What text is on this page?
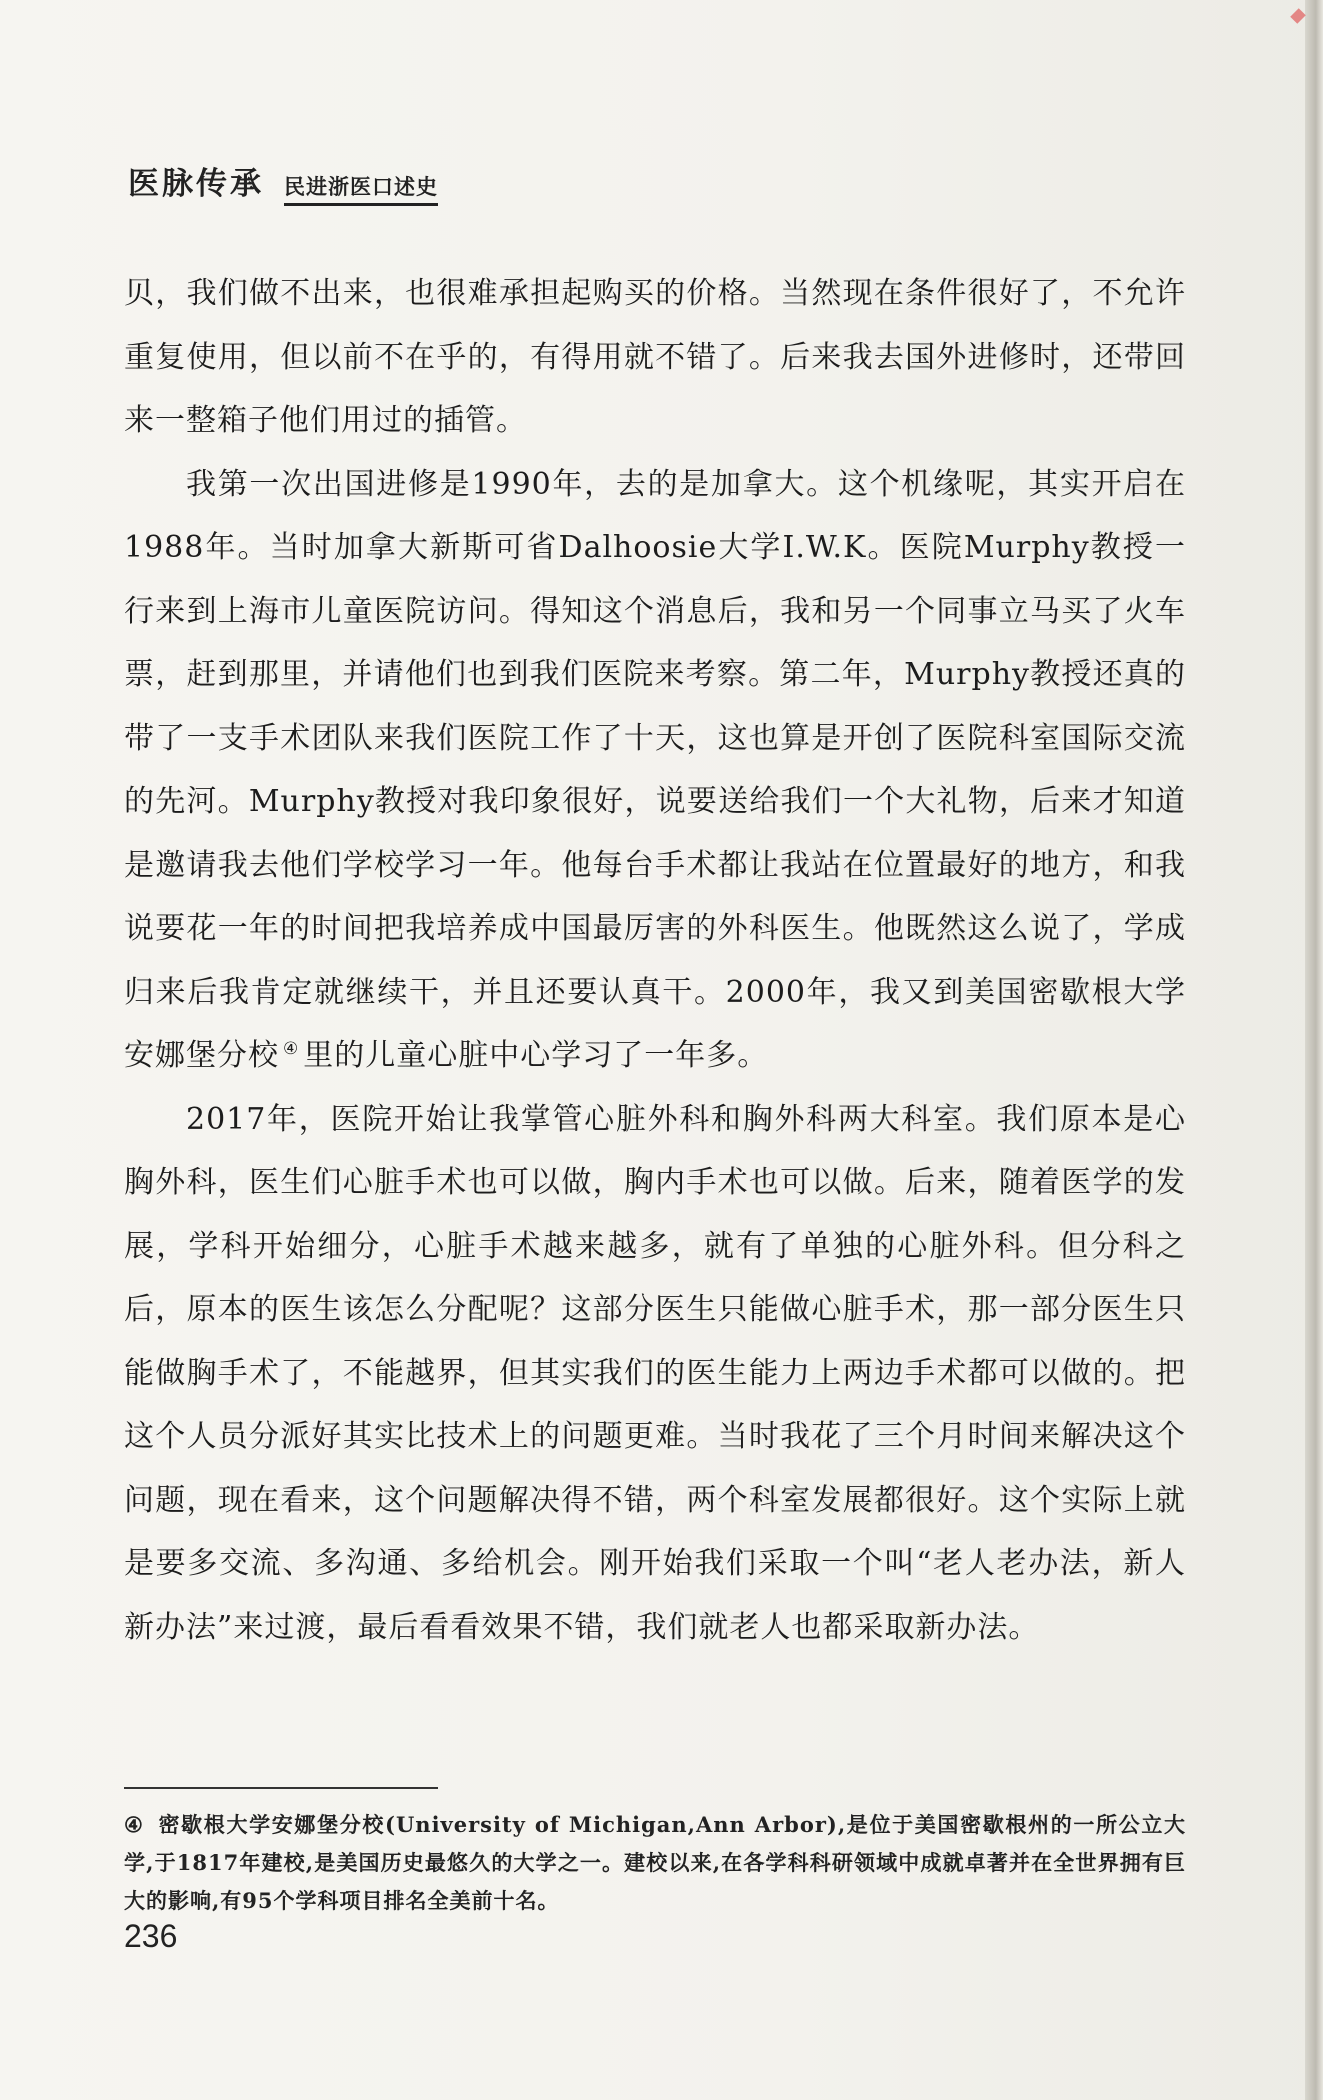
医脉传承 民进浙医口述史

贝，我们做不出来，也很难承担起购买的价格。当然现在条件很好了，不允许重复使用，但以前不在乎的，有得用就不错了。后来我去国外进修时，还带回来一整箱子他们用过的插管。

我第一次出国进修是1990年，去的是加拿大。这个机缘呢，其实开启在1988年。当时加拿大新斯可省Dalhoosie大学I.W.K。医院Murphy教授一行来到上海市儿童医院访问。得知这个消息后，我和另一个同事立马买了火车票，赶到那里，并请他们也到我们医院来考察。第二年，Murphy教授还真的带了一支手术团队来我们医院工作了十天，这也算是开创了医院科室国际交流的先河。Murphy教授对我印象很好，说要送给我们一个大礼物，后来才知道是邀请我去他们学校学习一年。他每台手术都让我站在位置最好的地方，和我说要花一年的时间把我培养成中国最厉害的外科医生。他既然这么说了，学成归来后我肯定就继续干，并且还要认真干。2000年，我又到美国密歇根大学安娜堡分校 ④ 里的儿童心脏中心学习了一年多。

2017年，医院开始让我掌管心脏外科和胸外科两大科室。我们原本是心胸外科，医生们心脏手术也可以做，胸内手术也可以做。后来，随着医学的发展，学科开始细分，心脏手术越来越多，就有了单独的心脏外科。但分科之后，原本的医生该怎么分配呢？这部分医生只能做心脏手术，那一部分医生只能做胸手术了，不能越界，但其实我们的医生能力上两边手术都可以做的。把这个人员分派好其实比技术上的问题更难。当时我花了三个月时间来解决这个问题，现在看来，这个问题解决得不错，两个科室发展都很好。这个实际上就是要多交流、多沟通、多给机会。刚开始我们采取一个叫“老人老办法，新人新办法”来过渡，最后看看效果不错，我们就老人也都采取新办法。

④ 密歇根大学安娜堡分校(University of Michigan,Ann Arbor),是位于美国密歇根州的一所公立大学,于1817年建校,是美国历史最悠久的大学之一。建校以来,在各学科科研领域中成就卓著并在全世界拥有巨大的影响,有95个学科项目排名全美前十名。
236
